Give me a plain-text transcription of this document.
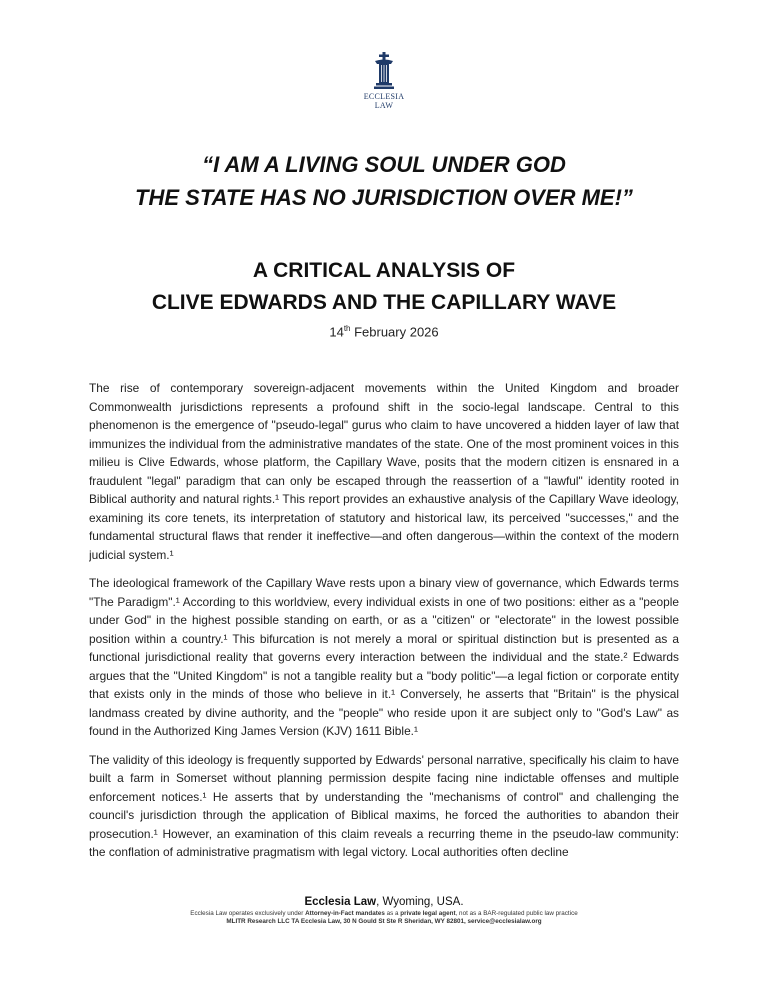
ECCLESIA
LAW
“I AM A LIVING SOUL UNDER GOD
THE STATE HAS NO JURISDICTION OVER ME!”
A CRITICAL ANALYSIS OF
CLIVE EDWARDS AND THE CAPILLARY WAVE
14th February 2026

The rise of contemporary sovereign-adjacent movements within the United Kingdom and broader Commonwealth jurisdictions represents a profound shift in the socio-legal landscape. Central to this phenomenon is the emergence of "pseudo-legal" gurus who claim to have uncovered a hidden layer of law that immunizes the individual from the administrative mandates of the state. One of the most prominent voices in this milieu is Clive Edwards, whose platform, the Capillary Wave, posits that the modern citizen is ensnared in a fraudulent "legal" paradigm that can only be escaped through the reassertion of a "lawful" identity rooted in Biblical authority and natural rights.¹ This report provides an exhaustive analysis of the Capillary Wave ideology, examining its core tenets, its interpretation of statutory and historical law, its perceived "successes," and the fundamental structural flaws that render it ineffective—and often dangerous—within the context of the modern judicial system.¹

The ideological framework of the Capillary Wave rests upon a binary view of governance, which Edwards terms "The Paradigm".¹ According to this worldview, every individual exists in one of two positions: either as a "people under God" in the highest possible standing on earth, or as a "citizen" or "electorate" in the lowest possible position within a country.¹ This bifurcation is not merely a moral or spiritual distinction but is presented as a functional jurisdictional reality that governs every interaction between the individual and the state.² Edwards argues that the "United Kingdom" is not a tangible reality but a "body politic"—a legal fiction or corporate entity that exists only in the minds of those who believe in it.¹ Conversely, he asserts that "Britain" is the physical landmass created by divine authority, and the "people" who reside upon it are subject only to "God's Law" as found in the Authorized King James Version (KJV) 1611 Bible.¹

The validity of this ideology is frequently supported by Edwards' personal narrative, specifically his claim to have built a farm in Somerset without planning permission despite facing nine indictable offenses and multiple enforcement notices.¹ He asserts that by understanding the "mechanisms of control" and challenging the council's jurisdiction through the application of Biblical maxims, he forced the authorities to abandon their prosecution.¹ However, an examination of this claim reveals a recurring theme in the pseudo-law community: the conflation of administrative pragmatism with legal victory. Local authorities often decline

Ecclesia Law, Wyoming, USA.
Ecclesia Law operates exclusively under Attorney-in-Fact mandates as a private legal agent, not as a BAR-regulated public law practice
MLITR Research LLC TA Ecclesia Law, 30 N Gould St Ste R Sheridan, WY 82801, service@ecclesialaw.org
